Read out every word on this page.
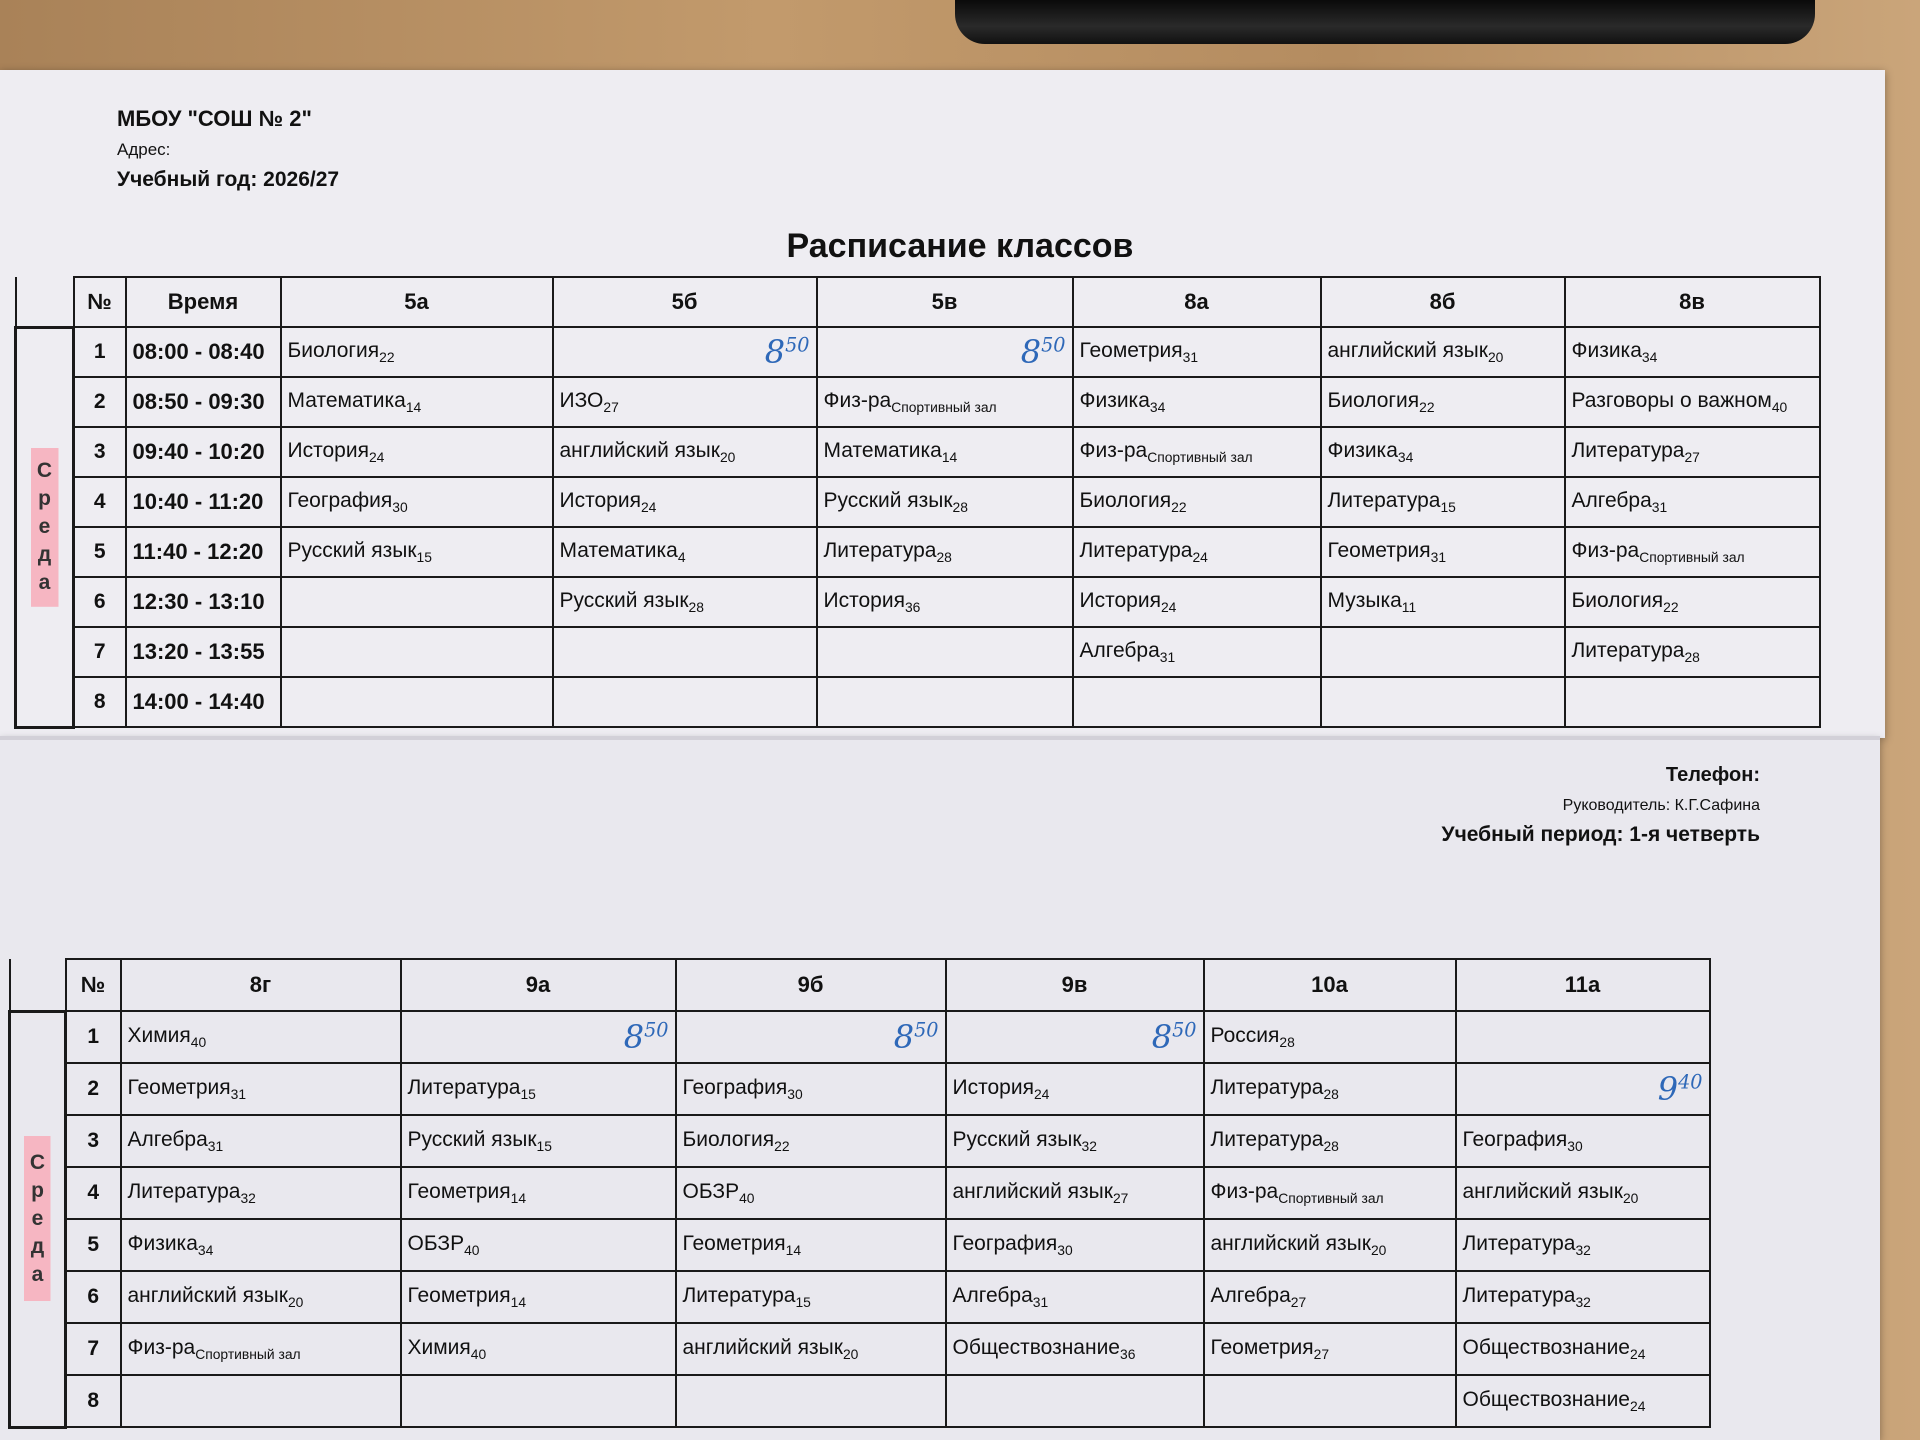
МБОУ "СОШ № 2"
Адрес:
Учебный год: 2026/27
Расписание классов
	№	Время	5а	5б	5в	8а	8б	8в

С
р
е
д
а	1	08:00 - 08:40	Биология$_{22}$	$8^{50}$	$8^{50}$	Геометрия$_{31}$	английский язык$_{20}$	Физика$_{34}$
	2	08:50 - 09:30	Математика$_{14}$	$ИЗО_{27}$	Физ-$ра_{Спортивный зал}$	Физика$_{34}$	Биология$_{22}$	Разговоры о важном$_{40}$
	3	09:40 - 10:20	История$_{24}$	английский язык$_{20}$	Математика$_{14}$	Физ-$ра_{Спортивный зал}$	Физика$_{34}$	Литература$_{27}$
	4	10:40 - 11:20	География$_{30}$	История$_{24}$	Русский язык$_{28}$	Биология$_{22}$	Литература$_{15}$	Алгебра$_{31}$
	5	11:40 - 12:20	Русский язык$_{15}$	Математика$_4$	Литература$_{28}$	Литература$_{24}$	Геометрия$_{31}$	Физ-$ра_{Спортивный зал}$
	6	12:30 - 13:10		Русский язык$_{28}$	История$_{36}$	История$_{24}$	Музыка$_{11}$	Биология$_{22}$
	7	13:20 - 13:55				Алгебра$_{31}$		Литература$_{28}$
	8	14:00 - 14:40						
Телефон:
Руководитель: К.Г.Сафина
Учебный период: 1-я четверть
	№	8г	9а	9б	9в	10а	11а

С
р
е
д
а	1	Химия$_{40}$	$8^{50}$	$8^{50}$	$8^{50}$	Россия$_{28}$	
	2	Геометрия$_{31}$	Литература$_{15}$	География$_{30}$	История$_{24}$	Литература$_{28}$	$9^{40}$
	3	Алгебра$_{31}$	Русский язык$_{15}$	Биология$_{22}$	Русский язык$_{32}$	Литература$_{28}$	География$_{30}$
	4	Литература$_{32}$	Геометрия$_{14}$	$ОБЗР_{40}$	английский язык$_{27}$	Физ-$ра_{Спортивный зал}$	английский язык$_{20}$
	5	Физика$_{34}$	$ОБЗР_{40}$	Геометрия$_{14}$	География$_{30}$	английский язык$_{20}$	Литература$_{32}$
	6	английский язык$_{20}$	Геометрия$_{14}$	Литература$_{15}$	Алгебра$_{31}$	Алгебра$_{27}$	Литература$_{32}$
	7	Физ-$ра_{Спортивный зал}$	Химия$_{40}$	английский язык$_{20}$	Обществознание$_{36}$	Геометрия$_{27}$	Обществознание$_{24}$
	8						Обществознание$_{24}$
